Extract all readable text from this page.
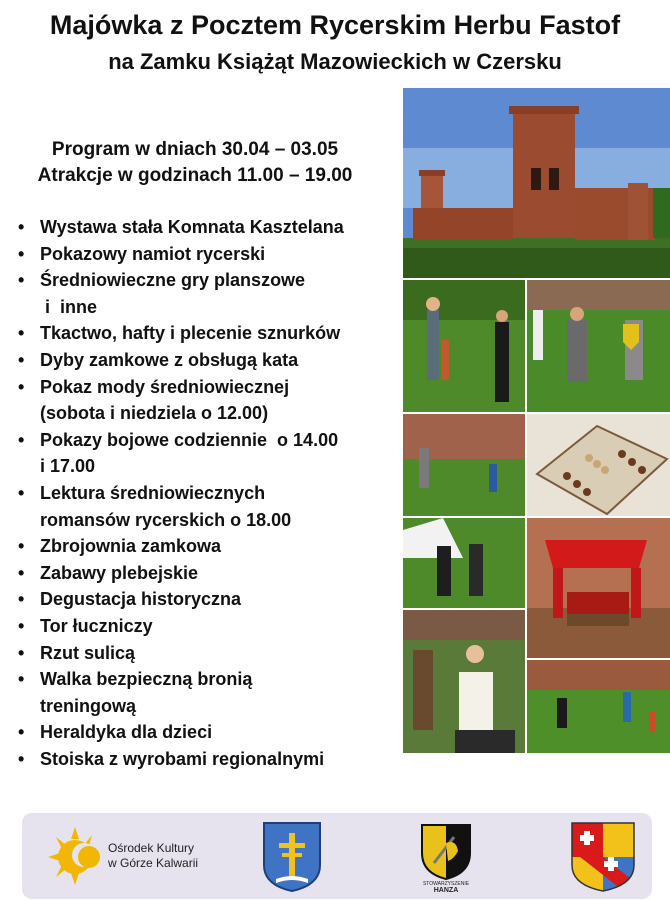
Majówka z Pocztem Rycerskim Herbu Fastof
na Zamku Książąt Mazowieckich w Czersku
Program w dniach 30.04 – 03.05
Atrakcje w godzinach 11.00 – 19.00
• Wystawa stała Komnata Kasztelana
• Pokazowy namiot rycerski
• Średniowieczne gry planszowe
i  inne
• Tkactwo, hafty i plecenie sznurków
• Dyby zamkowe z obsługą kata
• Pokaz mody średniowiecznej
(sobota i niedziela o 12.00)
• Pokazy bojowe codziennie  o 14.00
i 17.00
• Lektura średniowiecznych
romansów rycerskich o 18.00
• Zbrojownia zamkowa
• Zabawy plebejskie
• Degustacja historyczna
• Tor łuczniczy
• Rzut sulicą
• Walka bezpieczną bronią
treningową
• Heraldyka dla dzieci
• Stoiska z wyrobami regionalnymi
Ośrodek Kultury
w Górze Kalwarii
STOWARZYSZENIE
HANZA
